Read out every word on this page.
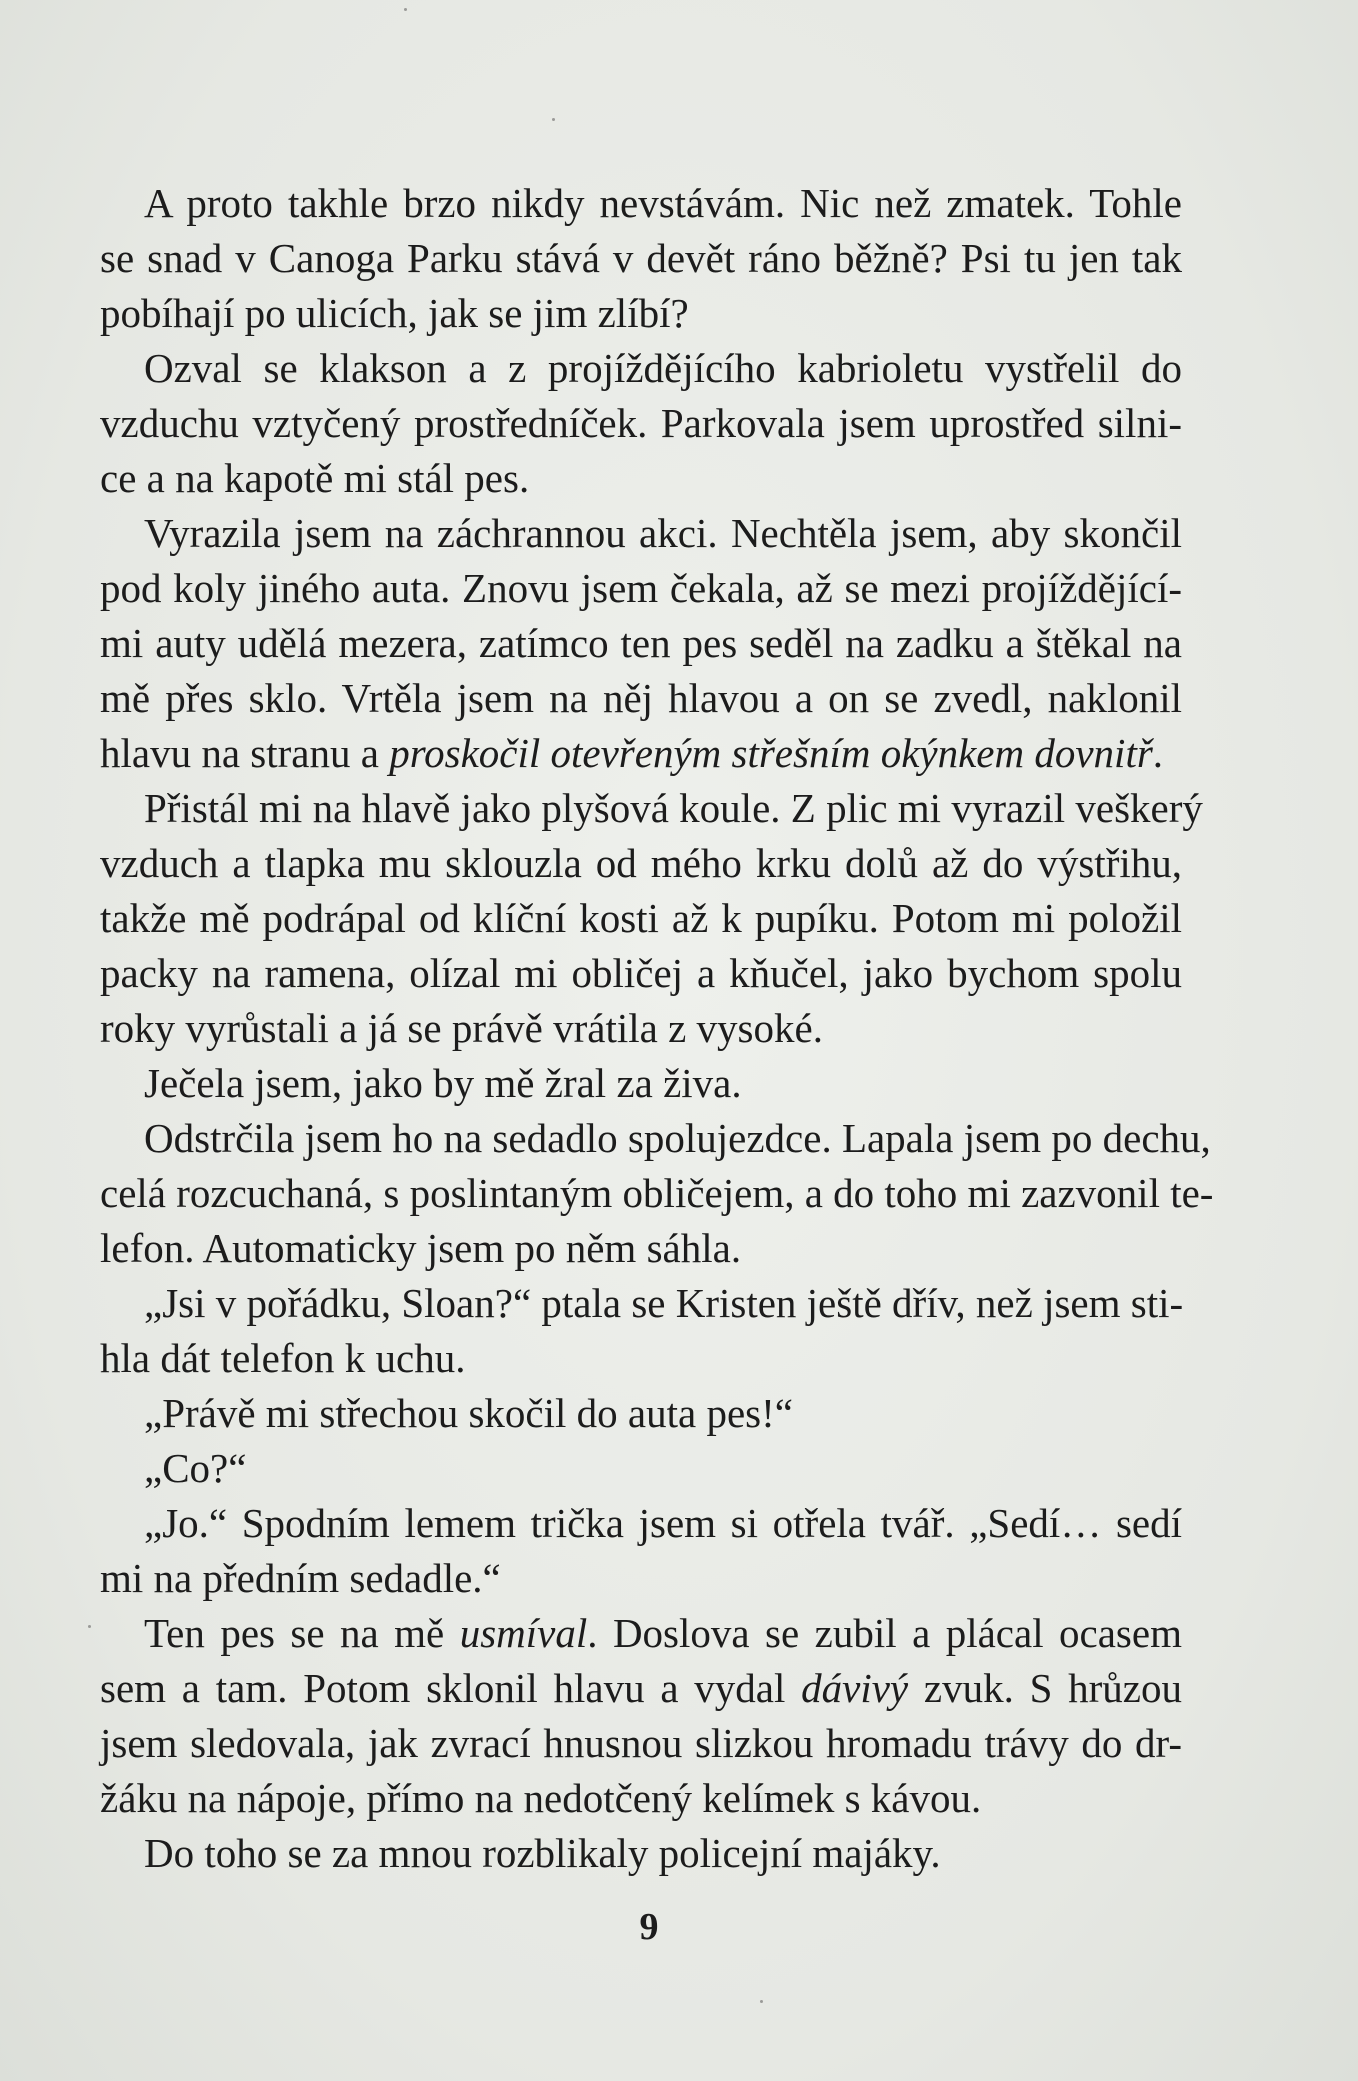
A proto takhle brzo nikdy nevstávám. Nic než zmatek. Tohle
se snad v Canoga Parku stává v devět ráno běžně? Psi tu jen tak
pobíhají po ulicích, jak se jim zlíbí?
Ozval se klakson a z projíždějícího kabrioletu vystřelil do
vzduchu vztyčený prostředníček. Parkovala jsem uprostřed silni-
ce a na kapotě mi stál pes.
Vyrazila jsem na záchrannou akci. Nechtěla jsem, aby skončil
pod koly jiného auta. Znovu jsem čekala, až se mezi projíždějící-
mi auty udělá mezera, zatímco ten pes seděl na zadku a štěkal na
mě přes sklo. Vrtěla jsem na něj hlavou a on se zvedl, naklonil
hlavu na stranu a proskočil otevřeným střešním okýnkem dovnitř.
Přistál mi na hlavě jako plyšová koule. Z plic mi vyrazil veškerý
vzduch a tlapka mu sklouzla od mého krku dolů až do výstřihu,
takže mě podrápal od klíční kosti až k pupíku. Potom mi položil
packy na ramena, olízal mi obličej a kňučel, jako bychom spolu
roky vyrůstali a já se právě vrátila z vysoké.
Ječela jsem, jako by mě žral za živa.
Odstrčila jsem ho na sedadlo spolujezdce. Lapala jsem po dechu,
celá rozcuchaná, s poslintaným obličejem, a do toho mi zazvonil te-
lefon. Automaticky jsem po něm sáhla.
„Jsi v pořádku, Sloan?“ ptala se Kristen ještě dřív, než jsem sti-
hla dát telefon k uchu.
„Právě mi střechou skočil do auta pes!“
„Co?“
„Jo.“ Spodním lemem trička jsem si otřela tvář. „Sedí… sedí
mi na předním sedadle.“
Ten pes se na mě usmíval. Doslova se zubil a plácal ocasem
sem a tam. Potom sklonil hlavu a vydal dávivý zvuk. S hrůzou
jsem sledovala, jak zvrací hnusnou slizkou hromadu trávy do dr-
žáku na nápoje, přímo na nedotčený kelímek s kávou.
Do toho se za mnou rozblikaly policejní majáky.
9
